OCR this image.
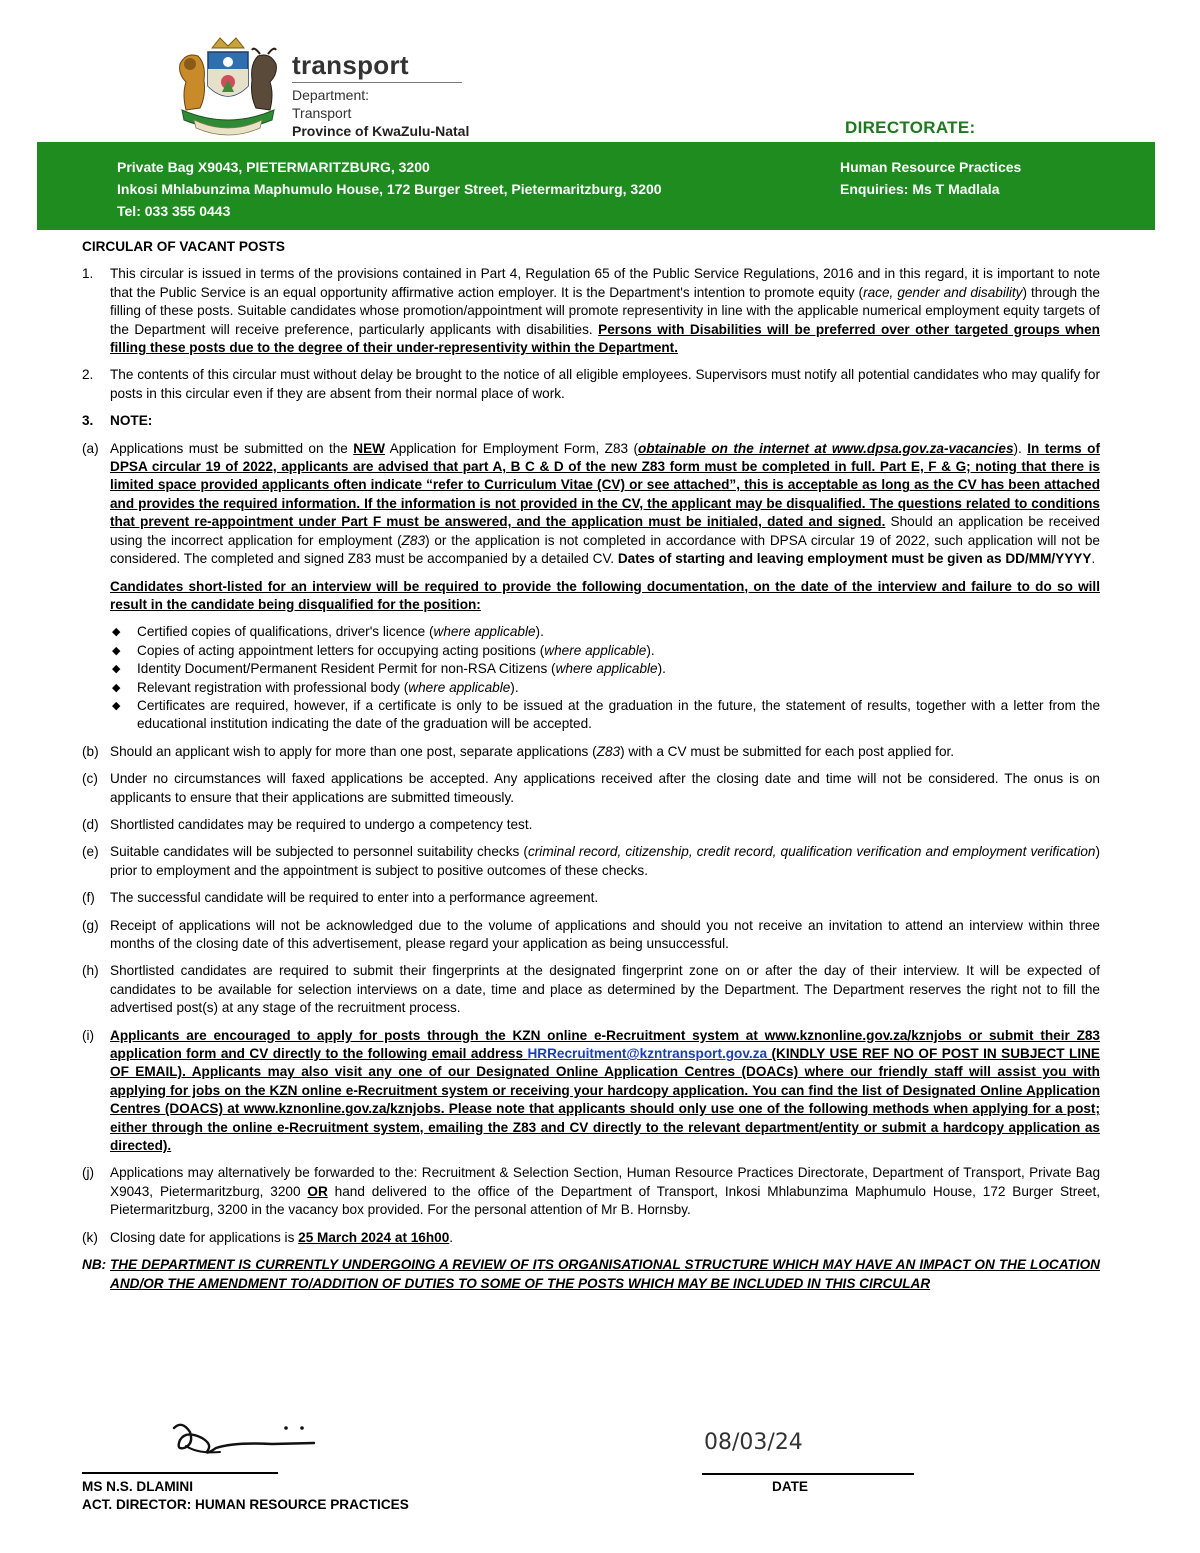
transport
Department:
Transport
Province of KwaZulu-Natal	DIRECTORATE:
Private Bag X9043, PIETERMARITZBURG, 3200
Inkosi Mhlabunzima Maphumulo House, 172 Burger Street, Pietermaritzburg, 3200
Tel: 033 355 0443
Human Resource Practices
Enquiries: Ms T Madlala
CIRCULAR OF VACANT POSTS
1. This circular is issued in terms of the provisions contained in Part 4, Regulation 65 of the Public Service Regulations, 2016 and in this regard, it is important to note that the Public Service is an equal opportunity affirmative action employer. It is the Department's intention to promote equity (race, gender and disability) through the filling of these posts. Suitable candidates whose promotion/appointment will promote representivity in line with the applicable numerical employment equity targets of the Department will receive preference, particularly applicants with disabilities. Persons with Disabilities will be preferred over other targeted groups when filling these posts due to the degree of their under-representivity within the Department.
2. The contents of this circular must without delay be brought to the notice of all eligible employees. Supervisors must notify all potential candidates who may qualify for posts in this circular even if they are absent from their normal place of work.
3. NOTE:
(a) Applications must be submitted on the NEW Application for Employment Form, Z83 (obtainable on the internet at www.dpsa.gov.za-vacancies). In terms of DPSA circular 19 of 2022, applicants are advised that part A, B C & D of the new Z83 form must be completed in full. Part E, F & G; noting that there is limited space provided applicants often indicate “refer to Curriculum Vitae (CV) or see attached”, this is acceptable as long as the CV has been attached and provides the required information. If the information is not provided in the CV, the applicant may be disqualified. The questions related to conditions that prevent re-appointment under Part F must be answered, and the application must be initialed, dated and signed. Should an application be received using the incorrect application for employment (Z83) or the application is not completed in accordance with DPSA circular 19 of 2022, such application will not be considered. The completed and signed Z83 must be accompanied by a detailed CV. Dates of starting and leaving employment must be given as DD/MM/YYYY.
Candidates short-listed for an interview will be required to provide the following documentation, on the date of the interview and failure to do so will result in the candidate being disqualified for the position:
◆ Certified copies of qualifications, driver's licence (where applicable).
◆ Copies of acting appointment letters for occupying acting positions (where applicable).
◆ Identity Document/Permanent Resident Permit for non-RSA Citizens (where applicable).
◆ Relevant registration with professional body (where applicable).
◆ Certificates are required, however, if a certificate is only to be issued at the graduation in the future, the statement of results, together with a letter from the educational institution indicating the date of the graduation will be accepted.
(b) Should an applicant wish to apply for more than one post, separate applications (Z83) with a CV must be submitted for each post applied for.
(c) Under no circumstances will faxed applications be accepted. Any applications received after the closing date and time will not be considered. The onus is on applicants to ensure that their applications are submitted timeously.
(d) Shortlisted candidates may be required to undergo a competency test.
(e) Suitable candidates will be subjected to personnel suitability checks (criminal record, citizenship, credit record, qualification verification and employment verification) prior to employment and the appointment is subject to positive outcomes of these checks.
(f) The successful candidate will be required to enter into a performance agreement.
(g) Receipt of applications will not be acknowledged due to the volume of applications and should you not receive an invitation to attend an interview within three months of the closing date of this advertisement, please regard your application as being unsuccessful.
(h) Shortlisted candidates are required to submit their fingerprints at the designated fingerprint zone on or after the day of their interview. It will be expected of candidates to be available for selection interviews on a date, time and place as determined by the Department. The Department reserves the right not to fill the advertised post(s) at any stage of the recruitment process.
(i) Applicants are encouraged to apply for posts through the KZN online e-Recruitment system at www.kznonline.gov.za/kznjobs or submit their Z83 application form and CV directly to the following email address HRRecruitment@kzntransport.gov.za (KINDLY USE REF NO OF POST IN SUBJECT LINE OF EMAIL). Applicants may also visit any one of our Designated Online Application Centres (DOACs) where our friendly staff will assist you with applying for jobs on the KZN online e-Recruitment system or receiving your hardcopy application. You can find the list of Designated Online Application Centres (DOACS) at www.kznonline.gov.za/kznjobs. Please note that applicants should only use one of the following methods when applying for a post; either through the online e-Recruitment system, emailing the Z83 and CV directly to the relevant department/entity or submit a hardcopy application as directed).
(j) Applications may alternatively be forwarded to the: Recruitment & Selection Section, Human Resource Practices Directorate, Department of Transport, Private Bag X9043, Pietermaritzburg, 3200 OR hand delivered to the office of the Department of Transport, Inkosi Mhlabunzima Maphumulo House, 172 Burger Street, Pietermaritzburg, 3200 in the vacancy box provided. For the personal attention of Mr B. Hornsby.
(k) Closing date for applications is 25 March 2024 at 16h00.
NB: THE DEPARTMENT IS CURRENTLY UNDERGOING A REVIEW OF ITS ORGANISATIONAL STRUCTURE WHICH MAY HAVE AN IMPACT ON THE LOCATION AND/OR THE AMENDMENT TO/ADDITION OF DUTIES TO SOME OF THE POSTS WHICH MAY BE INCLUDED IN THIS CIRCULAR
08/03/24
MS N.S. DLAMINI
ACT. DIRECTOR: HUMAN RESOURCE PRACTICES
DATE
